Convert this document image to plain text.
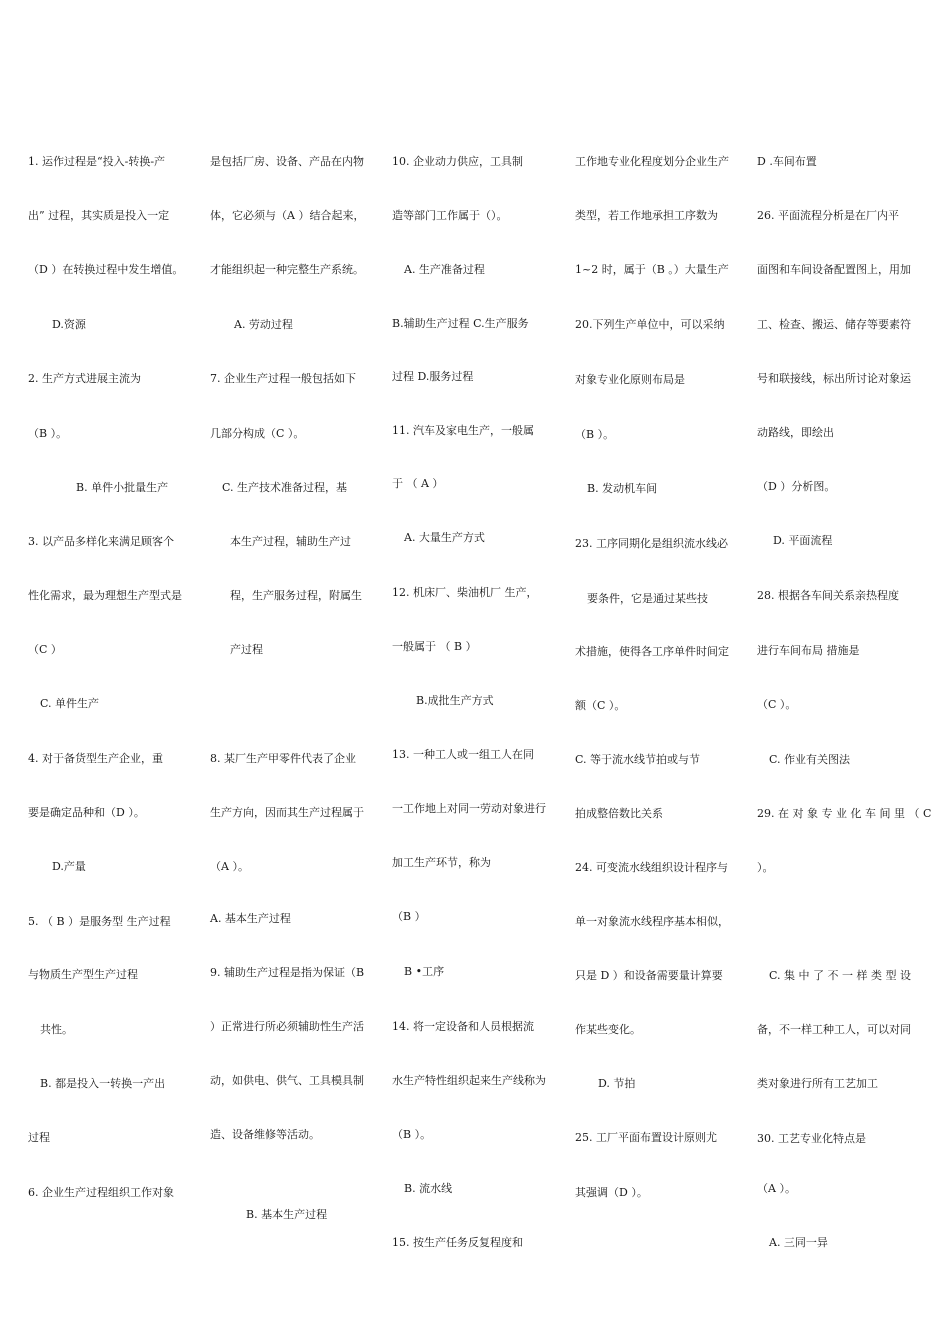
1. 运作过程是“投入-转换-产
出” 过程，其实质是投入一定
（D ）在转换过程中发生增值。
D.资源
2. 生产方式进展主流为
（B ）。
B. 单件小批量生产
3. 以产品多样化来满足顾客个
性化需求，最为理想生产型式是
（C ）
C. 单件生产
4. 对于备货型生产企业，重
要是确定品种和（D ）。
D.产量
5. （ B ）是服务型 生产过程
与物质生产型生产过程
共性。
B. 都是投入一转换一产出
过程
6. 企业生产过程组织工作对象
是包括厂房、设备、产品在内物
体，它必须与（A ）结合起来，
才能组织起一种完整生产系统。
A. 劳动过程
7. 企业生产过程一般包括如下
几部分构成（C ）。
C. 生产技术准备过程，基
本生产过程，辅助生产过
程，生产服务过程，附属生
产过程
8. 某厂生产甲零件代表了企业
生产方向，因而其生产过程属于
（A ）。
A. 基本生产过程
9. 辅助生产过程是指为保证（B
）正常进行所必须辅助性生产活
动，如供电、供气、工具模具制
造、设备维修等活动。
B. 基本生产过程
10. 企业动力供应，工具制
造等部门工作属于（）。
A. 生产准备过程
B.辅助生产过程 C.生产服务
过程 D.服务过程
11. 汽车及家电生产，一般属
于 （ A ）
A. 大量生产方式
12. 机床厂、柴油机厂 生产，
一般属于 （ B ）
B.成批生产方式
13. 一种工人或一组工人在同
一工作地上对同一劳动对象进行
加工生产环节，称为
（B ）
B •工序
14. 将一定设备和人员根据流
水生产特性组织起来生产线称为
（B ）。
B. 流水线
15. 按生产任务反复程度和
工作地专业化程度划分企业生产
类型，若工作地承担工序数为
1~2 时，属于（B 。）大量生产
20.下列生产单位中，可以采纳
对象专业化原则布局是
（B ）。
B. 发动机车间
23. 工序同期化是组织流水线必
要条件，它是通过某些技
术措施，使得各工序单件时间定
额（C ）。
C. 等于流水线节拍或与节
拍成整倍数比关系
24. 可变流水线组织设计程序与
单一对象流水线程序基本相似，
只是 D ）和设备需要量计算要
作某些变化。
D. 节拍
25. 工厂平面布置设计原则尤
其强调（D ）。
D .车间布置
26. 平面流程分析是在厂内平
面图和车间设备配置图上，用加
工、检查、搬运、储存等要素符
号和联接线，标出所讨论对象运
动路线，即绘出
（D ）分析图。
D. 平面流程
28. 根据各车间关系亲热程度
进行车间布局 措施是
（C ）。
C. 作业有关图法
29. 在 对 象 专 业 化 车 间 里 （ C
）。
C. 集 中 了 不 一 样 类 型 设
备，不一样工种工人，可以对同
类对象进行所有工艺加工
30. 工艺专业化特点是
（A ）。
A. 三同一异
